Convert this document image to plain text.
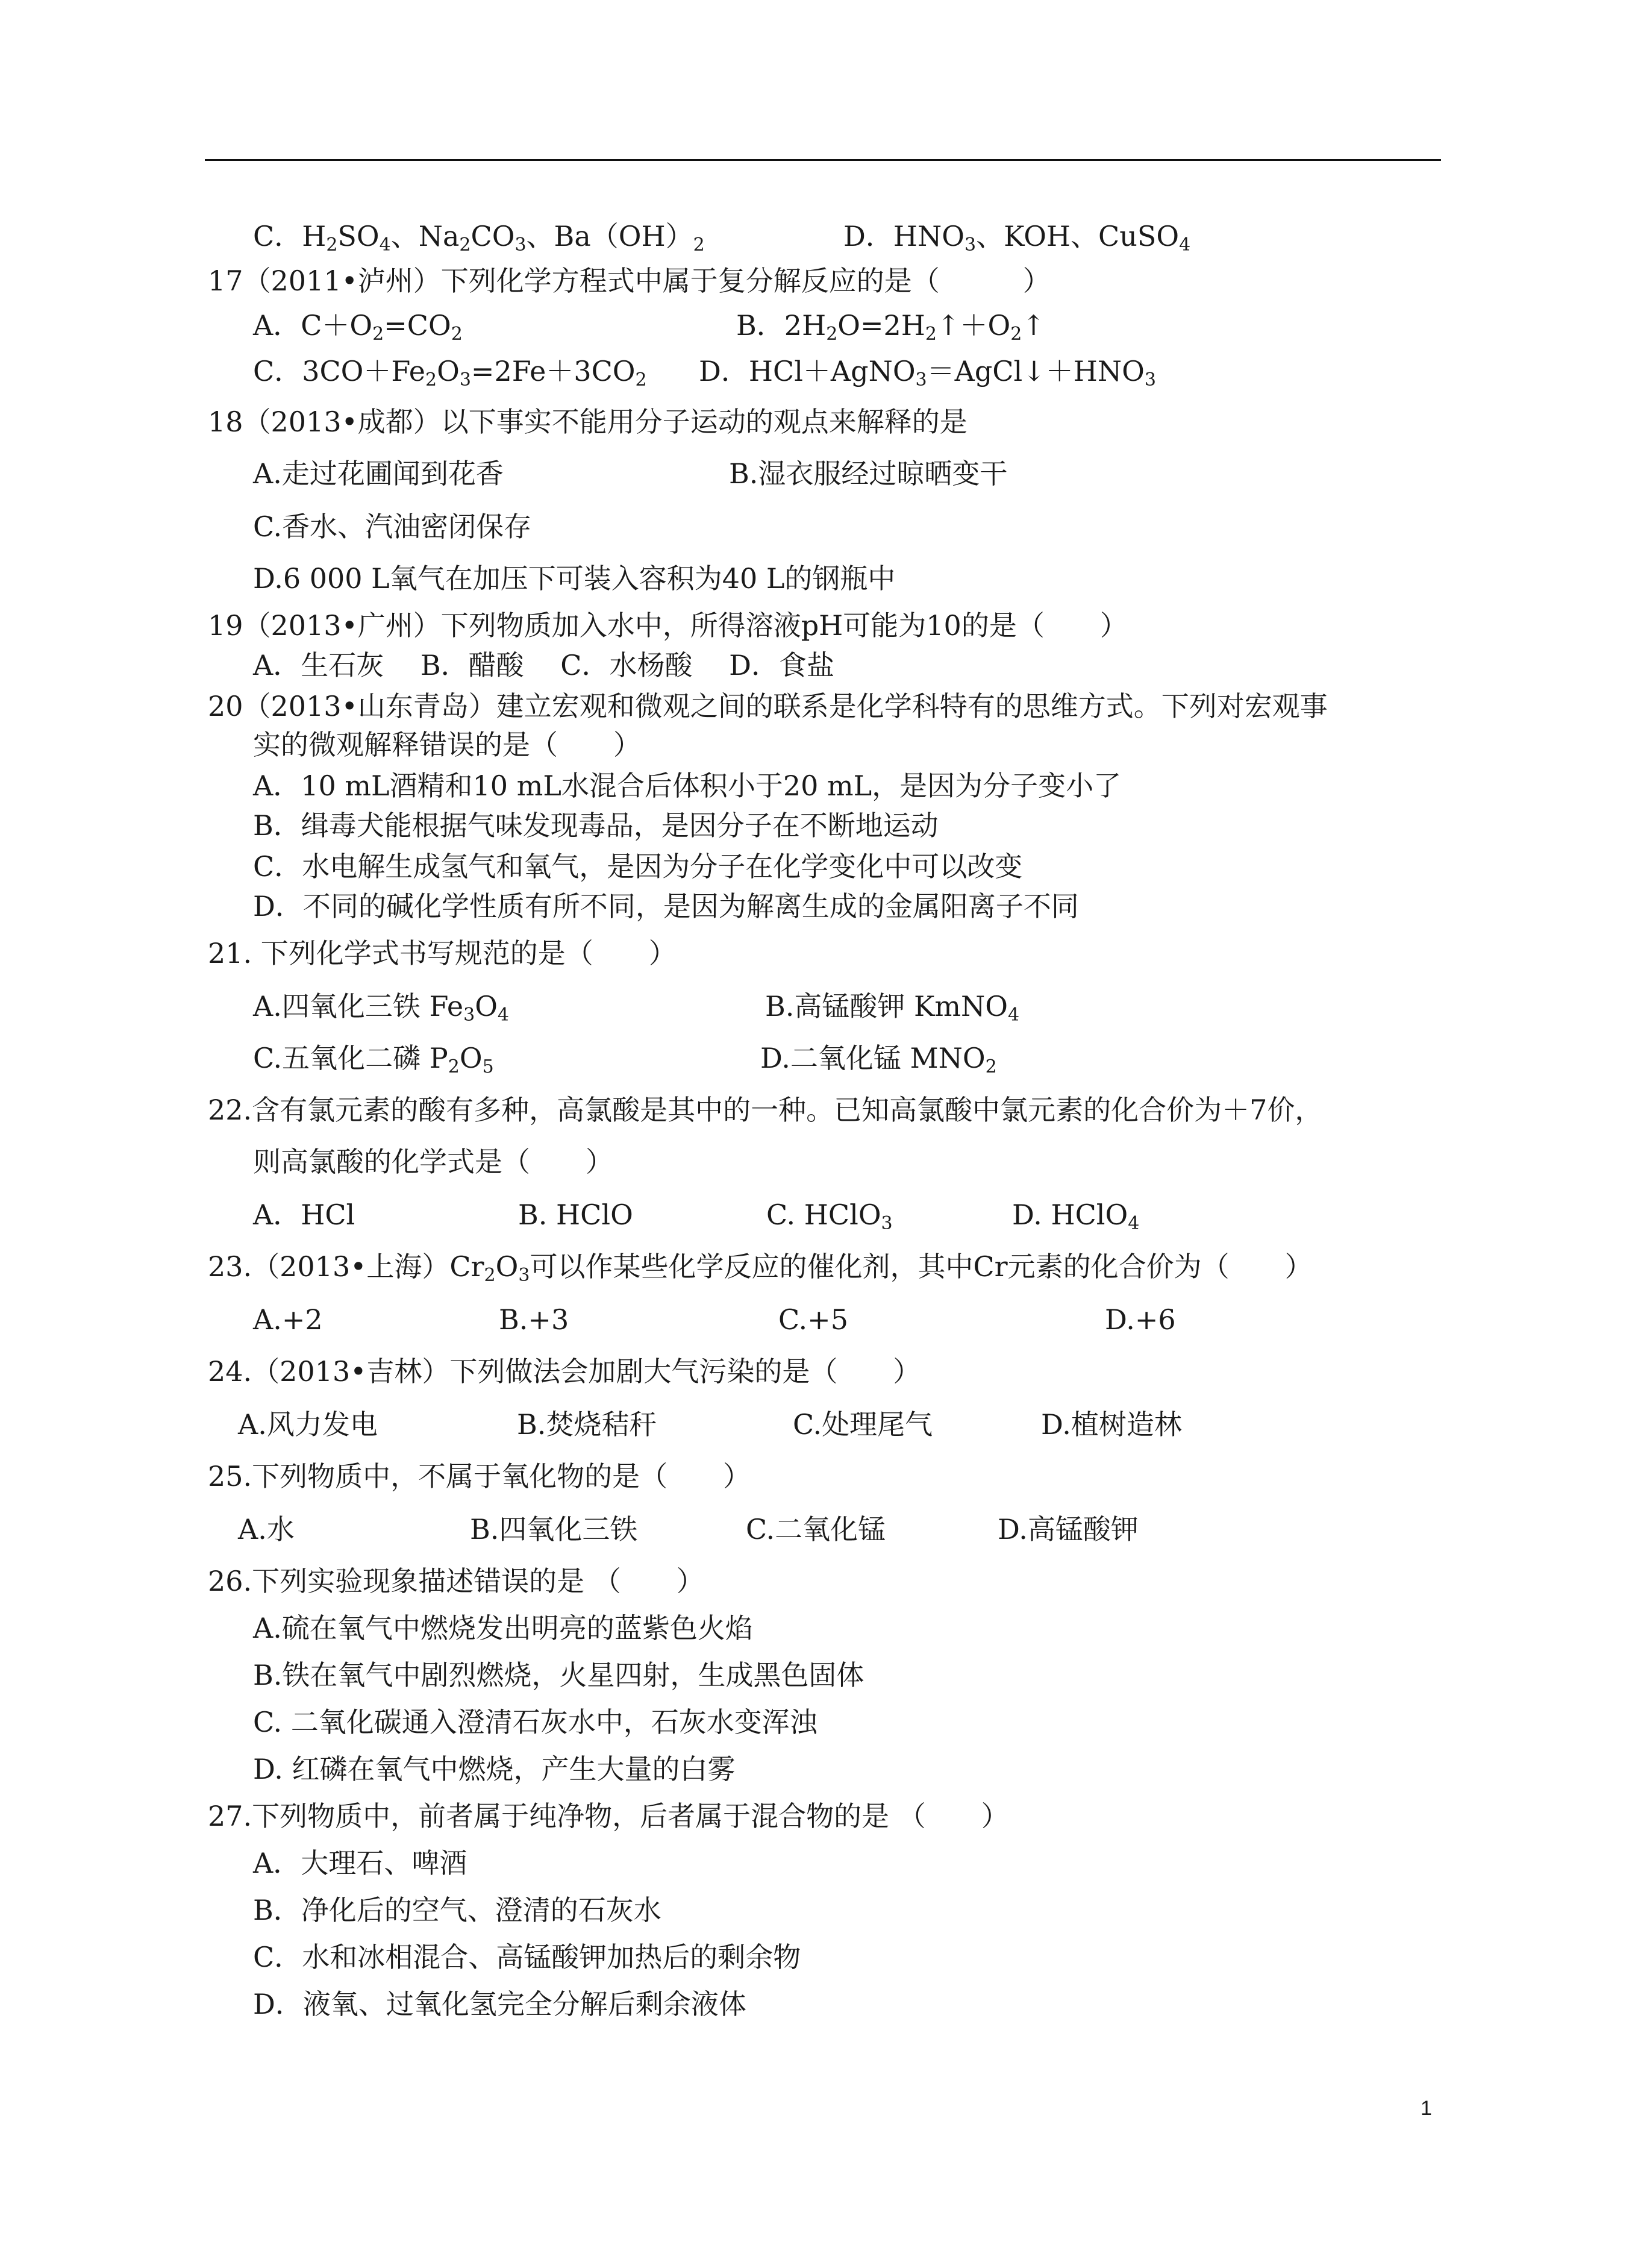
C．$H_2SO_4$、$Na_2CO_3$、$Ba(OH)_2$	D．$HNO_3$、KOH、CuSO$_4$
17（2011•泸州）下列化学方程式中属于复分解反应的是（　　　）
A．$C+O_2=CO_2$	B．$2H_2O=2H_2↑+O_2↑$
C．$3CO+Fe_2O_3=2Fe+3CO_2$ D．$HCl+AgNO_3=AgCl↓+HNO_3$
18（2013•成都）以下事实不能用分子运动的观点来解释的是
A.走过花圃闻到花香	B.湿衣服经过晾晒变干
C.香水、汽油密闭保存
D.6 000 L氧气在加压下可装入容积为40 L的钢瓶中
19（2013•广州）下列物质加入水中，所得溶液pH可能为10的是（　　）
A．生石灰　 B．醋酸　 C．水杨酸　 D．食盐
20（2013•山东青岛）建立宏观和微观之间的联系是化学科特有的思维方式。下列对宏观事
实的微观解释错误的是（　　）
A．10 mL酒精和10 mL水混合后体积小于20 mL，是因为分子变小了
B．缉毒犬能根据气味发现毒品，是因分子在不断地运动
C．水电解生成氢气和氧气，是因为分子在化学变化中可以改变
D．不同的碱化学性质有所不同，是因为解离生成的金属阳离子不同
21. 下列化学式书写规范的是（　　）
A.四氧化三铁 $Fe_3O_4$	B.高锰酸钾 KmNO$_4$
C.五氧化二磷 $P_2O_5$	D.二氧化锰 $MNO_2$
22.含有氯元素的酸有多种，高氯酸是其中的一种。已知高氯酸中氯元素的化合价为＋7价，
则高氯酸的化学式是（　　）
A．HCl	B. HClO	C. HClO$_3$	D. HClO$_4$
23.（2013•上海）$Cr_2O_3$可以作某些化学反应的催化剂，其中Cr元素的化合价为（　　）
A.+2	B.+3	C.+5	D.+6
24.（2013•吉林）下列做法会加剧大气污染的是（　　）
A.风力发电	B.焚烧秸秆	C.处理尾气	D.植树造林
25.下列物质中，不属于氧化物的是（　　）
A.水	B.四氧化三铁	C.二氧化锰	D.高锰酸钾
26.下列实验现象描述错误的是 （　　）
A.硫在氧气中燃烧发出明亮的蓝紫色火焰
B.铁在氧气中剧烈燃烧，火星四射，生成黑色固体
C. 二氧化碳通入澄清石灰水中，石灰水变浑浊
D. 红磷在氧气中燃烧，产生大量的白雾
27.下列物质中，前者属于纯净物，后者属于混合物的是 （　　）
A．大理石、啤酒
B．净化后的空气、澄清的石灰水
C．水和冰相混合、高锰酸钾加热后的剩余物
D．液氧、过氧化氢完全分解后剩余液体
1
